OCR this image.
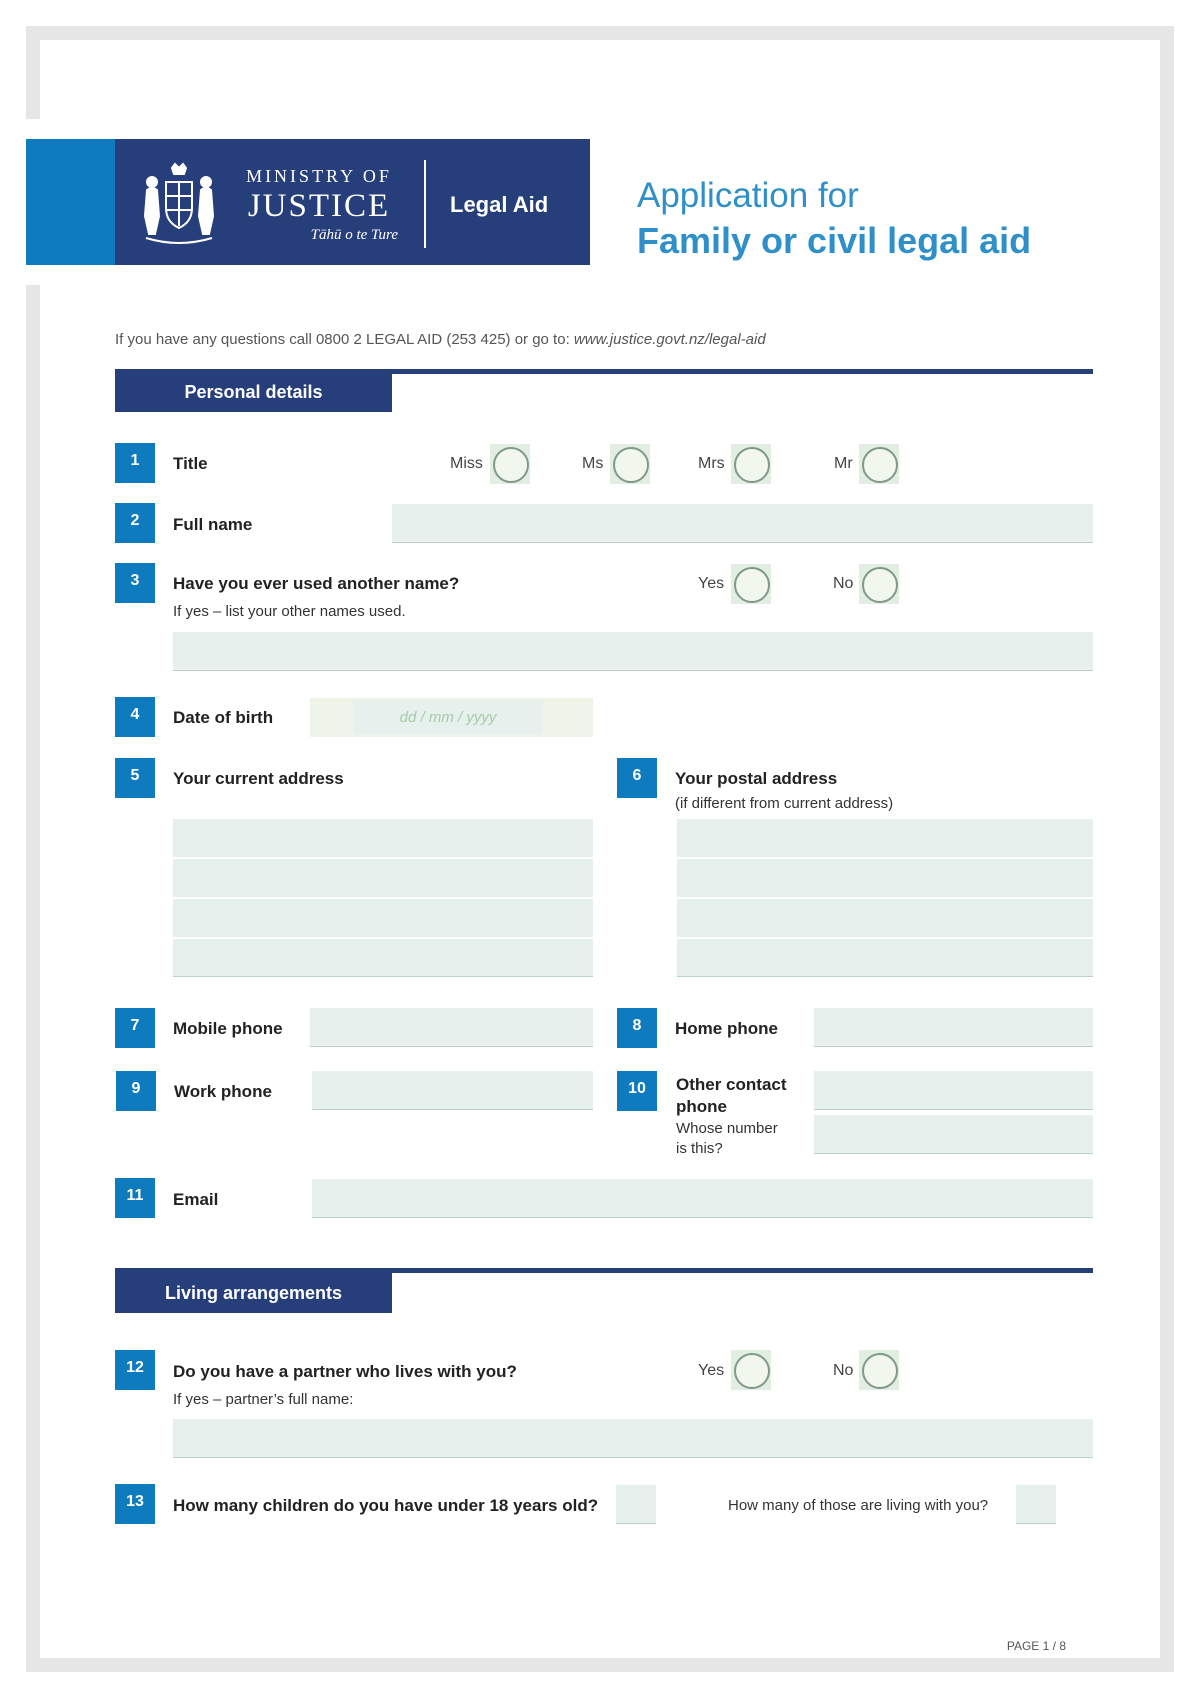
MINISTRY OF
JUSTICE
Tāhū o te Ture
Legal Aid	Application for
Family or civil legal aid
If you have any questions call 0800 2 LEGAL AID (253 425) or go to: www.justice.govt.nz/legal-aid
Personal details
1	Title	Miss	Ms	Mrs	Mr
2	Full name
3	Have you ever used another name?
If yes – list your other names used.
Yes	No
4	Date of birth	dd / mm / yyyy
5	Your current address	6	Your postal address
(if different from current address)
7	Mobile phone	8	Home phone
9	Work phone	10	Other contact
phone
Whose number
is this?
11	Email
Living arrangements
12	Do you have a partner who lives with you?
If yes – partner’s full name:
Yes	No
13	How many children do you have under 18 years old?	How many of those are living with you?
PAGE 1 / 8
